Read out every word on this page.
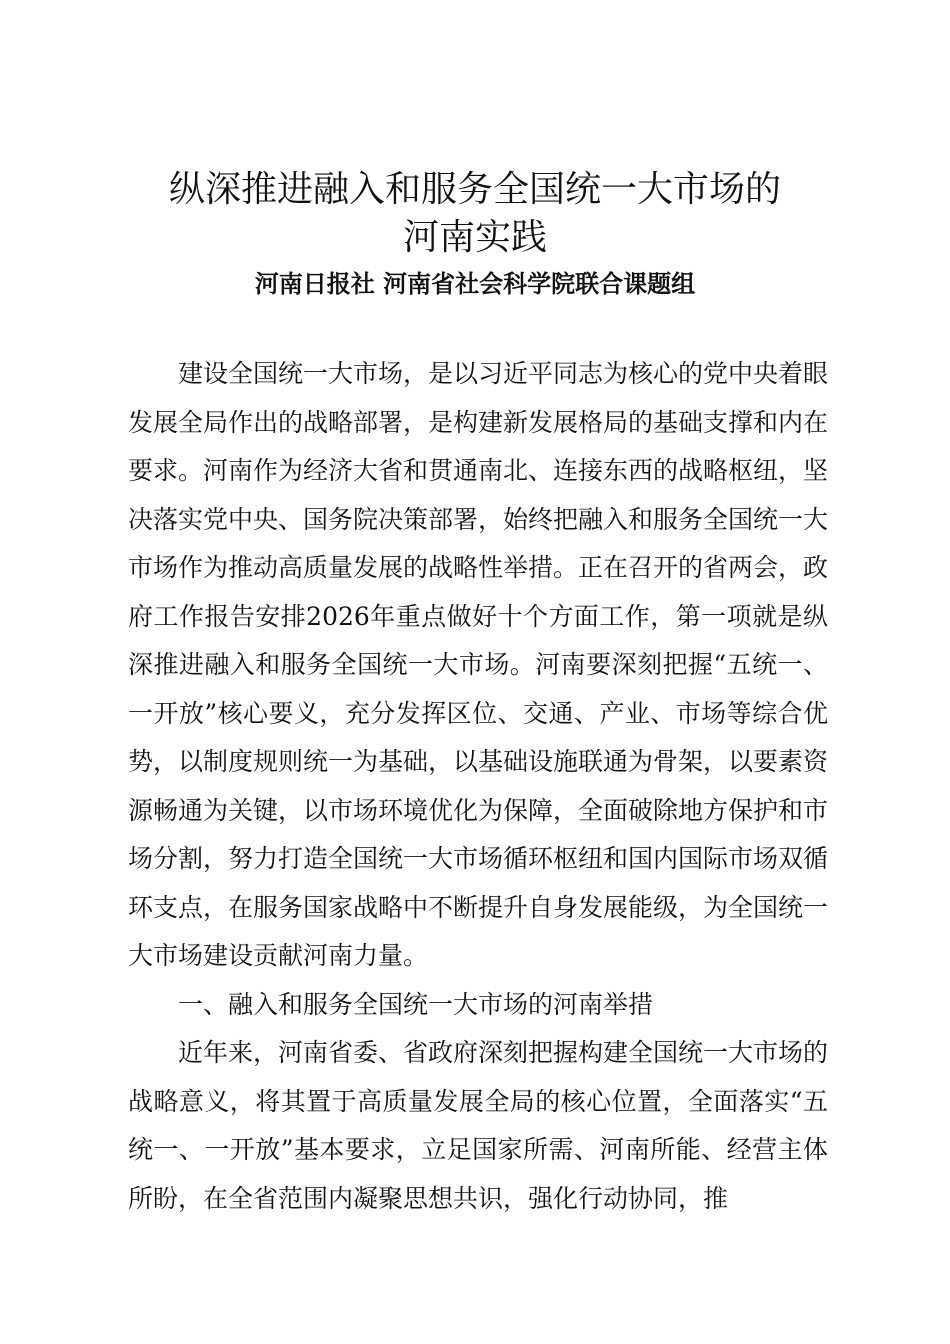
纵深推进融入和服务全国统一大市场的
河南实践
河南日报社 河南省社会科学院联合课题组

建设全国统一大市场，是以习近平同志为核心的党中央着眼发展全局作出的战略部署，是构建新发展格局的基础支撑和内在要求。河南作为经济大省和贯通南北、连接东西的战略枢纽，坚决落实党中央、国务院决策部署，始终把融入和服务全国统一大市场作为推动高质量发展的战略性举措。正在召开的省两会，政府工作报告安排2026年重点做好十个方面工作，第一项就是纵深推进融入和服务全国统一大市场。河南要深刻把握“五统一、一开放”核心要义，充分发挥区位、交通、产业、市场等综合优势，以制度规则统一为基础，以基础设施联通为骨架，以要素资源畅通为关键，以市场环境优化为保障，全面破除地方保护和市场分割，努力打造全国统一大市场循环枢纽和国内国际市场双循环支点，在服务国家战略中不断提升自身发展能级，为全国统一大市场建设贡献河南力量。

一、融入和服务全国统一大市场的河南举措

近年来，河南省委、省政府深刻把握构建全国统一大市场的战略意义，将其置于高质量发展全局的核心位置，全面落实“五统一、一开放”基本要求，立足国家所需、河南所能、经营主体所盼，在全省范围内凝聚思想共识，强化行动协同，推
